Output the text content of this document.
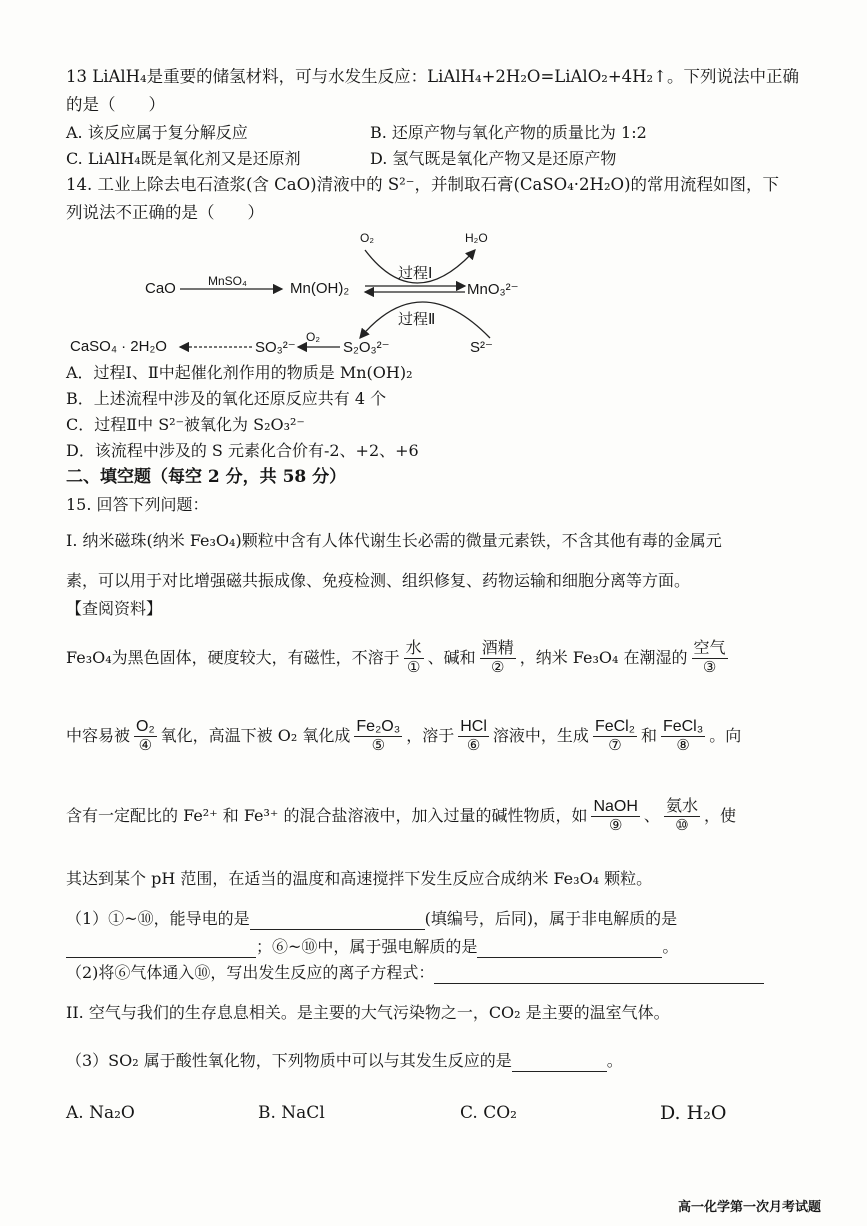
13 LiAlH₄是重要的储氢材料，可与水发生反应：LiAlH₄+2H₂O=LiAlO₂+4H₂↑。下列说法中正确
的是（　　）
A. 该反应属于复分解反应	B. 还原产物与氧化产物的质量比为 1:2
C. LiAlH₄既是氧化剂又是还原剂	D. 氢气既是氧化产物又是还原产物
14. 工业上除去电石渣浆(含 CaO)清液中的 S²⁻，并制取石膏(CaSO₄·2H₂O)的常用流程如图，下
列说法不正确的是（　　）
O₂	H₂O
过程Ⅰ
CaO	MnSO₄	Mn(OH)₂	MnO₃²⁻
过程Ⅱ
CaSO₄ · 2H₂O	SO₃²⁻
O₂
S₂O₃²⁻	S²⁻
A．过程Ⅰ、Ⅱ中起催化剂作用的物质是 Mn(OH)₂
B．上述流程中涉及的氧化还原反应共有 4 个
C．过程Ⅱ中 S²⁻被氧化为 S₂O₃²⁻
D．该流程中涉及的 S 元素化合价有-2、+2、+6
二、填空题（每空 2 分，共 58 分）
15. 回答下列问题：
I. 纳米磁珠(纳米 Fe₃O₄)颗粒中含有人体代谢生长必需的微量元素铁，不含其他有毒的金属元
素，可以用于对比增强磁共振成像、免疫检测、组织修复、药物运输和细胞分离等方面。
【查阅资料】
Fe₃O₄为黑色固体，硬度较大，有磁性，不溶于 $\frac{\text{水}}{\text{①}}$ 、碱和 $\frac{\text{酒精}}{\text{②}}$ ，纳米 Fe₃O₄ 在潮湿的 $\frac{\text{空气}}{\text{③}}$
中容易被 $\frac{\text{O₂}}{\text{④}}$ 氧化，高温下被 O₂ 氧化成 $\frac{\text{Fe₂O₃}}{\text{⑤}}$ ，溶于 $\frac{\text{HCl}}{\text{⑥}}$ 溶液中，生成 $\frac{\text{FeCl₂}}{\text{⑦}}$ 和 $\frac{\text{FeCl₃}}{\text{⑧}}$ 。向
含有一定配比的 Fe²⁺ 和 Fe³⁺ 的混合盐溶液中，加入过量的碱性物质，如 $\frac{\text{NaOH}}{\text{⑨}}$ 、 $\frac{\text{氨水}}{\text{⑩}}$ ，使
其达到某个 pH 范围，在适当的温度和高速搅拌下发生反应合成纳米 Fe₃O₄ 颗粒。
（1）①~⑩，能导电的是	(填编号，后同)，属于非电解质的是
；⑥~⑩中，属于强电解质的是	。
（2)将⑥气体通入⑩，写出发生反应的离子方程式：
II. 空气与我们的生存息息相关。是主要的大气污染物之一，CO₂ 是主要的温室气体。
（3）SO₂ 属于酸性氧化物，下列物质中可以与其发生反应的是	。
A. Na₂O	B. NaCl	C. CO₂	D. H₂O
高一化学第一次月考试题
